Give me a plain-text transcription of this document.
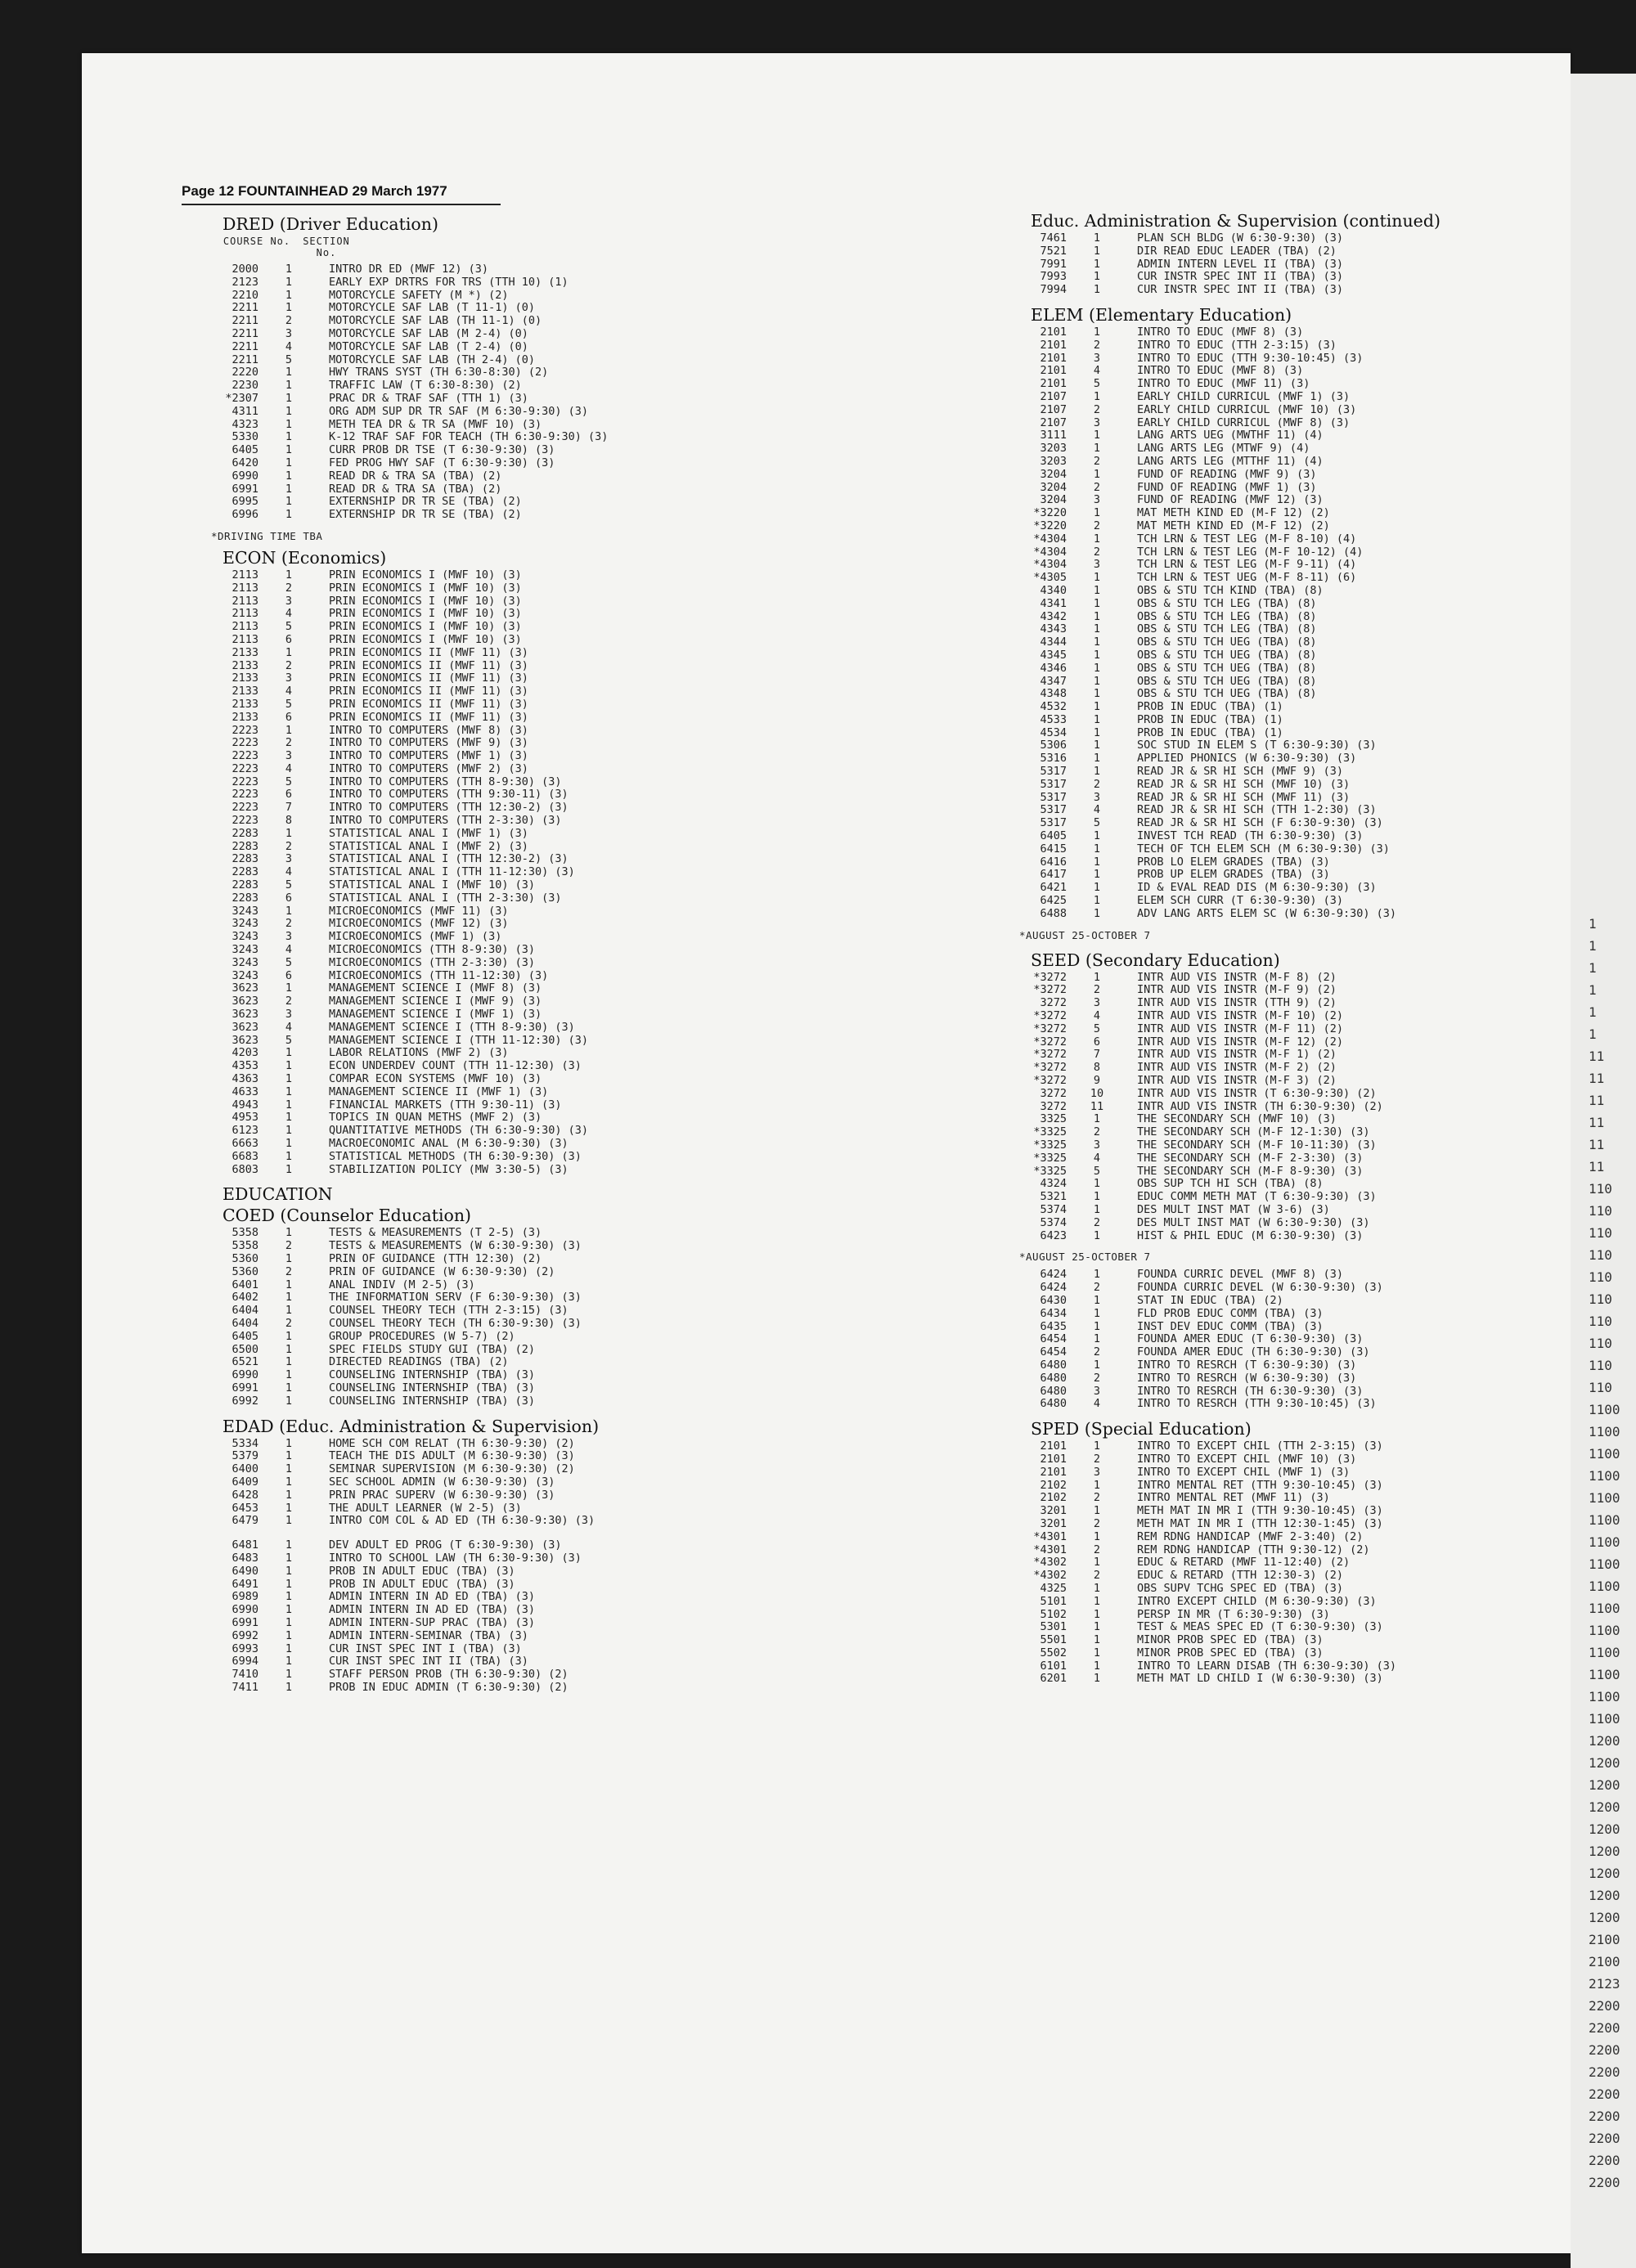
1
1
1
1
1
1
11
11
11
11
11
11
110
110
110
110
110
110
110
110
110
110
1100
1100
1100
1100
1100
1100
1100
1100
1100
1100
1100
1100
1100
1100
1100
1200
1200
1200
1200
1200
1200
1200
1200
1200
2100
2100
2123
2200
2200
2200
2200
2200
2200
2200
2200
2200
Page 12 FOUNTAINHEAD 29 March 1977
DRED (Driver Education)
COURSE No.	SECTION No.
2000	1	INTRO DR ED (MWF 12) (3)
2123	1	EARLY EXP DRTRS FOR TRS (TTH 10) (1)
2210	1	MOTORCYCLE SAFETY (M *) (2)
2211	1	MOTORCYCLE SAF LAB (T 11-1) (0)
2211	2	MOTORCYCLE SAF LAB (TH 11-1) (0)
2211	3	MOTORCYCLE SAF LAB (M 2-4) (0)
2211	4	MOTORCYCLE SAF LAB (T 2-4) (0)
2211	5	MOTORCYCLE SAF LAB (TH 2-4) (0)
2220	1	HWY TRANS SYST (TH 6:30-8:30) (2)
2230	1	TRAFFIC LAW (T 6:30-8:30) (2)
*2307	1	PRAC DR & TRAF SAF (TTH 1) (3)
4311	1	ORG ADM SUP DR TR SAF (M 6:30-9:30) (3)
4323	1	METH TEA DR & TR SA (MWF 10) (3)
5330	1	K-12 TRAF SAF FOR TEACH (TH 6:30-9:30) (3)
6405	1	CURR PROB DR TSE (T 6:30-9:30) (3)
6420	1	FED PROG HWY SAF (T 6:30-9:30) (3)
6990	1	READ DR & TRA SA (TBA) (2)
6991	1	READ DR & TRA SA (TBA) (2)
6995	1	EXTERNSHIP DR TR SE (TBA) (2)
6996	1	EXTERNSHIP DR TR SE (TBA) (2)
*DRIVING TIME TBA
ECON (Economics)
2113	1	PRIN ECONOMICS I (MWF 10) (3)
2113	2	PRIN ECONOMICS I (MWF 10) (3)
2113	3	PRIN ECONOMICS I (MWF 10) (3)
2113	4	PRIN ECONOMICS I (MWF 10) (3)
2113	5	PRIN ECONOMICS I (MWF 10) (3)
2113	6	PRIN ECONOMICS I (MWF 10) (3)
2133	1	PRIN ECONOMICS II (MWF 11) (3)
2133	2	PRIN ECONOMICS II (MWF 11) (3)
2133	3	PRIN ECONOMICS II (MWF 11) (3)
2133	4	PRIN ECONOMICS II (MWF 11) (3)
2133	5	PRIN ECONOMICS II (MWF 11) (3)
2133	6	PRIN ECONOMICS II (MWF 11) (3)
2223	1	INTRO TO COMPUTERS (MWF 8) (3)
2223	2	INTRO TO COMPUTERS (MWF 9) (3)
2223	3	INTRO TO COMPUTERS (MWF 1) (3)
2223	4	INTRO TO COMPUTERS (MWF 2) (3)
2223	5	INTRO TO COMPUTERS (TTH 8-9:30) (3)
2223	6	INTRO TO COMPUTERS (TTH 9:30-11) (3)
2223	7	INTRO TO COMPUTERS (TTH 12:30-2) (3)
2223	8	INTRO TO COMPUTERS (TTH 2-3:30) (3)
2283	1	STATISTICAL ANAL I (MWF 1) (3)
2283	2	STATISTICAL ANAL I (MWF 2) (3)
2283	3	STATISTICAL ANAL I (TTH 12:30-2) (3)
2283	4	STATISTICAL ANAL I (TTH 11-12:30) (3)
2283	5	STATISTICAL ANAL I (MWF 10) (3)
2283	6	STATISTICAL ANAL I (TTH 2-3:30) (3)
3243	1	MICROECONOMICS (MWF 11) (3)
3243	2	MICROECONOMICS (MWF 12) (3)
3243	3	MICROECONOMICS (MWF 1) (3)
3243	4	MICROECONOMICS (TTH 8-9:30) (3)
3243	5	MICROECONOMICS (TTH 2-3:30) (3)
3243	6	MICROECONOMICS (TTH 11-12:30) (3)
3623	1	MANAGEMENT SCIENCE I (MWF 8) (3)
3623	2	MANAGEMENT SCIENCE I (MWF 9) (3)
3623	3	MANAGEMENT SCIENCE I (MWF 1) (3)
3623	4	MANAGEMENT SCIENCE I (TTH 8-9:30) (3)
3623	5	MANAGEMENT SCIENCE I (TTH 11-12:30) (3)
4203	1	LABOR RELATIONS (MWF 2) (3)
4353	1	ECON UNDERDEV COUNT (TTH 11-12:30) (3)
4363	1	COMPAR ECON SYSTEMS (MWF 10) (3)
4633	1	MANAGEMENT SCIENCE II (MWF 1) (3)
4943	1	FINANCIAL MARKETS (TTH 9:30-11) (3)
4953	1	TOPICS IN QUAN METHS (MWF 2) (3)
6123	1	QUANTITATIVE METHODS (TH 6:30-9:30) (3)
6663	1	MACROECONOMIC ANAL (M 6:30-9:30) (3)
6683	1	STATISTICAL METHODS (TH 6:30-9:30) (3)
6803	1	STABILIZATION POLICY (MW 3:30-5) (3)
EDUCATION
COED (Counselor Education)
5358	1	TESTS & MEASUREMENTS (T 2-5) (3)
5358	2	TESTS & MEASUREMENTS (W 6:30-9:30) (3)
5360	1	PRIN OF GUIDANCE (TTH 12:30) (2)
5360	2	PRIN OF GUIDANCE (W 6:30-9:30) (2)
6401	1	ANAL INDIV (M 2-5) (3)
6402	1	THE INFORMATION SERV (F 6:30-9:30) (3)
6404	1	COUNSEL THEORY TECH (TTH 2-3:15) (3)
6404	2	COUNSEL THEORY TECH (TH 6:30-9:30) (3)
6405	1	GROUP PROCEDURES (W 5-7) (2)
6500	1	SPEC FIELDS STUDY GUI (TBA) (2)
6521	1	DIRECTED READINGS (TBA) (2)
6990	1	COUNSELING INTERNSHIP (TBA) (3)
6991	1	COUNSELING INTERNSHIP (TBA) (3)
6992	1	COUNSELING INTERNSHIP (TBA) (3)
EDAD (Educ. Administration & Supervision)
5334	1	HOME SCH COM RELAT (TH 6:30-9:30) (2)
5379	1	TEACH THE DIS ADULT (M 6:30-9:30) (3)
6400	1	SEMINAR SUPERVISION (M 6:30-9:30) (2)
6409	1	SEC SCHOOL ADMIN (W 6:30-9:30) (3)
6428	1	PRIN PRAC SUPERV (W 6:30-9:30) (3)
6453	1	THE ADULT LEARNER (W 2-5) (3)
6479	1	INTRO COM COL & AD ED (TH 6:30-9:30) (3)
6481	1	DEV ADULT ED PROG (T 6:30-9:30) (3)
6483	1	INTRO TO SCHOOL LAW (TH 6:30-9:30) (3)
6490	1	PROB IN ADULT EDUC (TBA) (3)
6491	1	PROB IN ADULT EDUC (TBA) (3)
6989	1	ADMIN INTERN IN AD ED (TBA) (3)
6990	1	ADMIN INTERN IN AD ED (TBA) (3)
6991	1	ADMIN INTERN-SUP PRAC (TBA) (3)
6992	1	ADMIN INTERN-SEMINAR (TBA) (3)
6993	1	CUR INST SPEC INT I (TBA) (3)
6994	1	CUR INST SPEC INT II (TBA) (3)
7410	1	STAFF PERSON PROB (TH 6:30-9:30) (2)
7411	1	PROB IN EDUC ADMIN (T 6:30-9:30) (2)
Educ. Administration & Supervision (continued)
7461	1	PLAN SCH BLDG (W 6:30-9:30) (3)
7521	1	DIR READ EDUC LEADER (TBA) (2)
7991	1	ADMIN INTERN LEVEL II (TBA) (3)
7993	1	CUR INSTR SPEC INT II (TBA) (3)
7994	1	CUR INSTR SPEC INT II (TBA) (3)
ELEM (Elementary Education)
2101	1	INTRO TO EDUC (MWF 8) (3)
2101	2	INTRO TO EDUC (TTH 2-3:15) (3)
2101	3	INTRO TO EDUC (TTH 9:30-10:45) (3)
2101	4	INTRO TO EDUC (MWF 8) (3)
2101	5	INTRO TO EDUC (MWF 11) (3)
2107	1	EARLY CHILD CURRICUL (MWF 1) (3)
2107	2	EARLY CHILD CURRICUL (MWF 10) (3)
2107	3	EARLY CHILD CURRICUL (MWF 8) (3)
3111	1	LANG ARTS UEG (MWTHF 11) (4)
3203	1	LANG ARTS LEG (MTWF 9) (4)
3203	2	LANG ARTS LEG (MTTHF 11) (4)
3204	1	FUND OF READING (MWF 9) (3)
3204	2	FUND OF READING (MWF 1) (3)
3204	3	FUND OF READING (MWF 12) (3)
*3220	1	MAT METH KIND ED (M-F 12) (2)
*3220	2	MAT METH KIND ED (M-F 12) (2)
*4304	1	TCH LRN & TEST LEG (M-F 8-10) (4)
*4304	2	TCH LRN & TEST LEG (M-F 10-12) (4)
*4304	3	TCH LRN & TEST LEG (M-F 9-11) (4)
*4305	1	TCH LRN & TEST UEG (M-F 8-11) (6)
4340	1	OBS & STU TCH KIND (TBA) (8)
4341	1	OBS & STU TCH LEG (TBA) (8)
4342	1	OBS & STU TCH LEG (TBA) (8)
4343	1	OBS & STU TCH LEG (TBA) (8)
4344	1	OBS & STU TCH UEG (TBA) (8)
4345	1	OBS & STU TCH UEG (TBA) (8)
4346	1	OBS & STU TCH UEG (TBA) (8)
4347	1	OBS & STU TCH UEG (TBA) (8)
4348	1	OBS & STU TCH UEG (TBA) (8)
4532	1	PROB IN EDUC (TBA) (1)
4533	1	PROB IN EDUC (TBA) (1)
4534	1	PROB IN EDUC (TBA) (1)
5306	1	SOC STUD IN ELEM S (T 6:30-9:30) (3)
5316	1	APPLIED PHONICS (W 6:30-9:30) (3)
5317	1	READ JR & SR HI SCH (MWF 9) (3)
5317	2	READ JR & SR HI SCH (MWF 10) (3)
5317	3	READ JR & SR HI SCH (MWF 11) (3)
5317	4	READ JR & SR HI SCH (TTH 1-2:30) (3)
5317	5	READ JR & SR HI SCH (F 6:30-9:30) (3)
6405	1	INVEST TCH READ (TH 6:30-9:30) (3)
6415	1	TECH OF TCH ELEM SCH (M 6:30-9:30) (3)
6416	1	PROB LO ELEM GRADES (TBA) (3)
6417	1	PROB UP ELEM GRADES (TBA) (3)
6421	1	ID & EVAL READ DIS (M 6:30-9:30) (3)
6425	1	ELEM SCH CURR (T 6:30-9:30) (3)
6488	1	ADV LANG ARTS ELEM SC (W 6:30-9:30) (3)
*AUGUST 25-OCTOBER 7
SEED (Secondary Education)
*3272	1	INTR AUD VIS INSTR (M-F 8) (2)
*3272	2	INTR AUD VIS INSTR (M-F 9) (2)
3272	3	INTR AUD VIS INSTR (TTH 9) (2)
*3272	4	INTR AUD VIS INSTR (M-F 10) (2)
*3272	5	INTR AUD VIS INSTR (M-F 11) (2)
*3272	6	INTR AUD VIS INSTR (M-F 12) (2)
*3272	7	INTR AUD VIS INSTR (M-F 1) (2)
*3272	8	INTR AUD VIS INSTR (M-F 2) (2)
*3272	9	INTR AUD VIS INSTR (M-F 3) (2)
3272	10	INTR AUD VIS INSTR (T 6:30-9:30) (2)
3272	11	INTR AUD VIS INSTR (TH 6:30-9:30) (2)
3325	1	THE SECONDARY SCH (MWF 10) (3)
*3325	2	THE SECONDARY SCH (M-F 12-1:30) (3)
*3325	3	THE SECONDARY SCH (M-F 10-11:30) (3)
*3325	4	THE SECONDARY SCH (M-F 2-3:30) (3)
*3325	5	THE SECONDARY SCH (M-F 8-9:30) (3)
4324	1	OBS SUP TCH HI SCH (TBA) (8)
5321	1	EDUC COMM METH MAT (T 6:30-9:30) (3)
5374	1	DES MULT INST MAT (W 3-6) (3)
5374	2	DES MULT INST MAT (W 6:30-9:30) (3)
6423	1	HIST & PHIL EDUC (M 6:30-9:30) (3)
*AUGUST 25-OCTOBER 7
6424	1	FOUNDA CURRIC DEVEL (MWF 8) (3)
6424	2	FOUNDA CURRIC DEVEL (W 6:30-9:30) (3)
6430	1	STAT IN EDUC (TBA) (2)
6434	1	FLD PROB EDUC COMM (TBA) (3)
6435	1	INST DEV EDUC COMM (TBA) (3)
6454	1	FOUNDA AMER EDUC (T 6:30-9:30) (3)
6454	2	FOUNDA AMER EDUC (TH 6:30-9:30) (3)
6480	1	INTRO TO RESRCH (T 6:30-9:30) (3)
6480	2	INTRO TO RESRCH (W 6:30-9:30) (3)
6480	3	INTRO TO RESRCH (TH 6:30-9:30) (3)
6480	4	INTRO TO RESRCH (TTH 9:30-10:45) (3)
SPED (Special Education)
2101	1	INTRO TO EXCEPT CHIL (TTH 2-3:15) (3)
2101	2	INTRO TO EXCEPT CHIL (MWF 10) (3)
2101	3	INTRO TO EXCEPT CHIL (MWF 1) (3)
2102	1	INTRO MENTAL RET (TTH 9:30-10:45) (3)
2102	2	INTRO MENTAL RET (MWF 11) (3)
3201	1	METH MAT IN MR I (TTH 9:30-10:45) (3)
3201	2	METH MAT IN MR I (TTH 12:30-1:45) (3)
*4301	1	REM RDNG HANDICAP (MWF 2-3:40) (2)
*4301	2	REM RDNG HANDICAP (TTH 9:30-12) (2)
*4302	1	EDUC & RETARD (MWF 11-12:40) (2)
*4302	2	EDUC & RETARD (TTH 12:30-3) (2)
4325	1	OBS SUPV TCHG SPEC ED (TBA) (3)
5101	1	INTRO EXCEPT CHILD (M 6:30-9:30) (3)
5102	1	PERSP IN MR (T 6:30-9:30) (3)
5301	1	TEST & MEAS SPEC ED (T 6:30-9:30) (3)
5501	1	MINOR PROB SPEC ED (TBA) (3)
5502	1	MINOR PROB SPEC ED (TBA) (3)
6101	1	INTRO TO LEARN DISAB (TH 6:30-9:30) (3)
6201	1	METH MAT LD CHILD I (W 6:30-9:30) (3)
